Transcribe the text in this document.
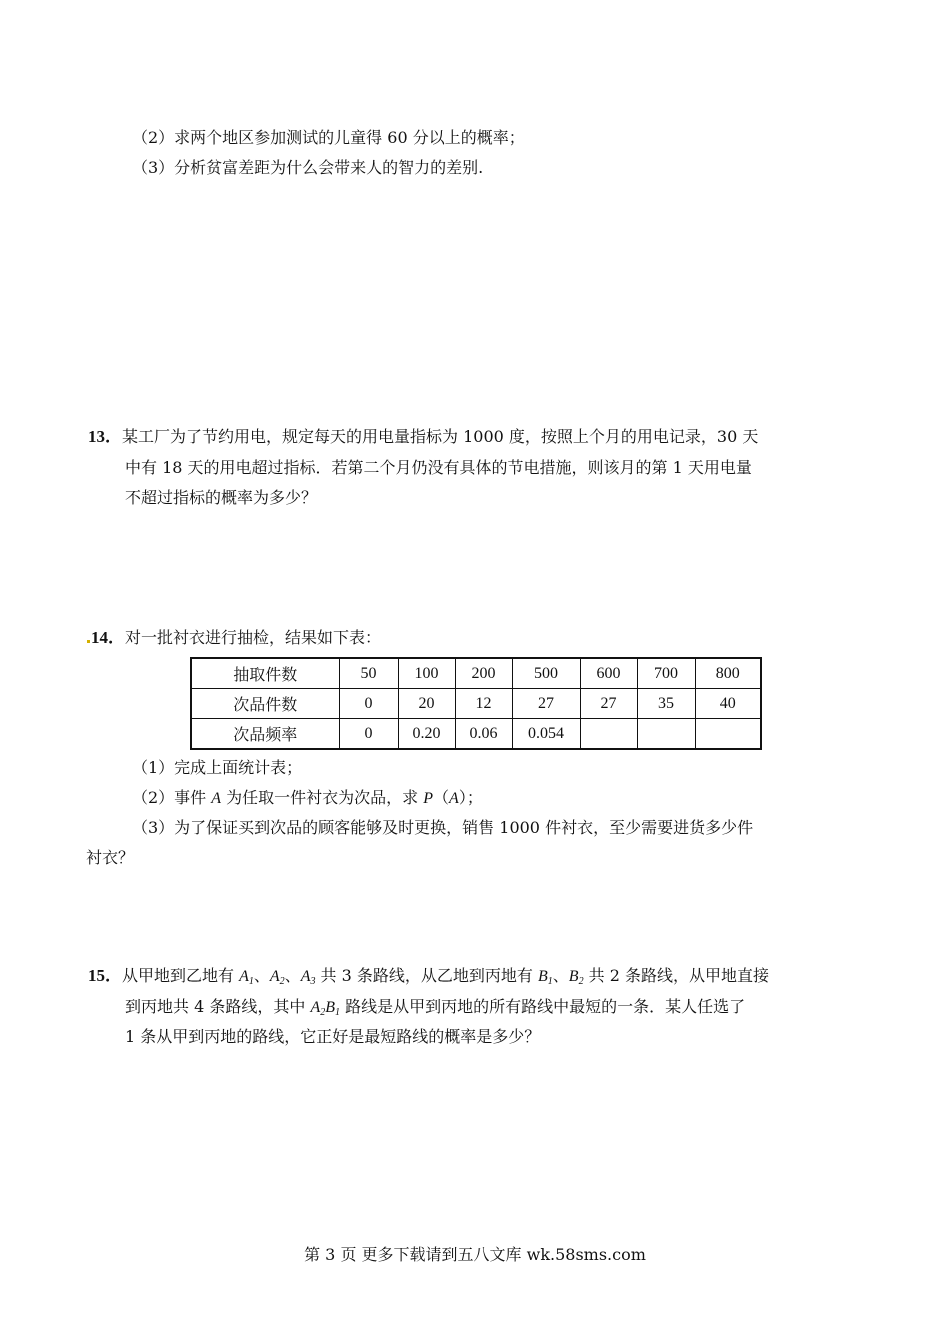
（2）求两个地区参加测试的儿童得 60 分以上的概率；
（3）分析贫富差距为什么会带来人的智力的差别.
13．某工厂为了节约用电，规定每天的用电量指标为 1000 度，按照上个月的用电记录，30 天
中有 18 天的用电超过指标．若第二个月仍没有具体的节电措施，则该月的第 1 天用电量
不超过指标的概率为多少？
14．对一批衬衣进行抽检，结果如下表：
抽取件数	50	100	200	500	600	700	800
次品件数	0	20	12	27	27	35	40
次品频率	0	0.20	0.06	0.054			
（1）完成上面统计表；
（2）事件 A 为任取一件衬衣为次品，求 P（A）；
（3）为了保证买到次品的顾客能够及时更换，销售 1000 件衬衣，至少需要进货多少件
衬衣？
15．从甲地到乙地有 $A_1$、$A_2$、$A_3$ 共 3 条路线，从乙地到丙地有 $B_1$、$B_2$ 共 2 条路线，从甲地直接
到丙地共 4 条路线，其中 $A_2B_1$ 路线是从甲到丙地的所有路线中最短的一条．某人任选了
1 条从甲到丙地的路线，它正好是最短路线的概率是多少？
第 3 页 更多下载请到五八文库 wk.58sms.com
